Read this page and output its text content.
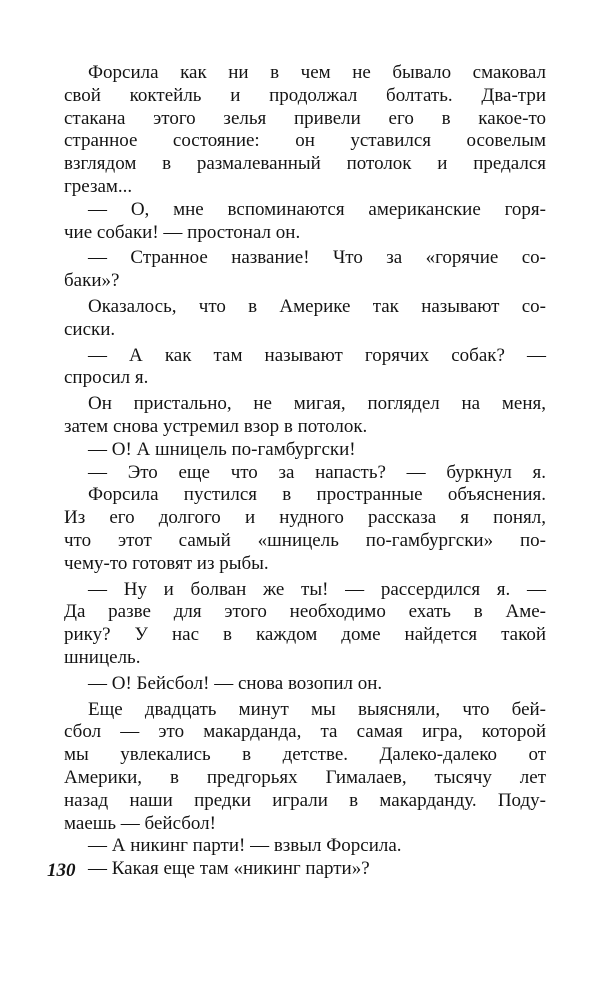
Форсила как ни в чем не бывало смаковал
свой коктейль и продолжал болтать. Два-три
стакана этого зелья привели его в какое-то
странное состояние: он уставился осовелым
взглядом в размалеванный потолок и предался
грезам...
— О, мне вспоминаются американские горя-
чие собаки! — простонал он.
— Странное название! Что за «горячие со-
баки»?
Оказалось, что в Америке так называют со-
сиски.
— А как там называют горячих собак? —
спросил я.
Он пристально, не мигая, поглядел на меня,
затем снова устремил взор в потолок.
— О! А шницель по-гамбургски!
— Это еще что за напасть? — буркнул я.
Форсила пустился в пространные объяснения.
Из его долгого и нудного рассказа я понял,
что этот самый «шницель по-гамбургски» по-
чему-то готовят из рыбы.
— Ну и болван же ты! — рассердился я. —
Да разве для этого необходимо ехать в Аме-
рику? У нас в каждом доме найдется такой
шницель.
— О! Бейсбол! — снова возопил он.
Еще двадцать минут мы выясняли, что бей-
сбол — это макарданда, та самая игра, которой
мы увлекались в детстве. Далеко-далеко от
Америки, в предгорьях Гималаев, тысячу лет
назад наши предки играли в макарданду. Поду-
маешь — бейсбол!
— А никинг парти! — взвыл Форсила.
— Какая еще там «никинг парти»?
130
